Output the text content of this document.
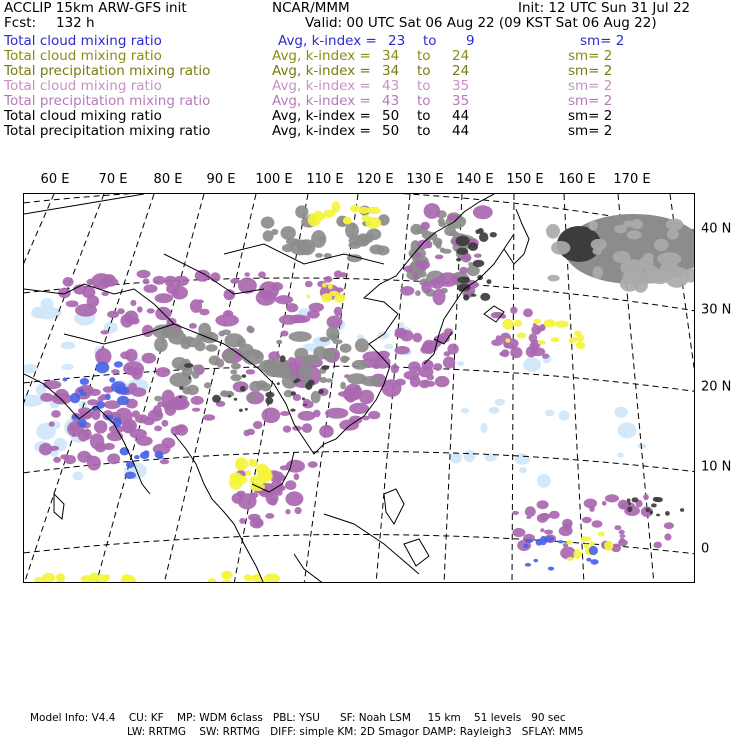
ACCLIP 15km ARW-GFS init	NCAR/MMM	Init: 12 UTC Sun 31 Jul 22
Fcst: 132 h	Valid: 00 UTC Sat 06 Aug 22 (09 KST Sat 06 Aug 22)
Total cloud mixing ratio	Avg, k-index = 23 to 9	sm= 2
Total cloud mixing ratio	Avg, k-index = 34 to 24	sm= 2
Total precipitation mixing ratio	Avg, k-index = 34 to 24	sm= 2
Total cloud mixing ratio	Avg, k-index = 43 to 35	sm= 2
Total precipitation mixing ratio	Avg, k-index = 43 to 35	sm= 2
Total cloud mixing ratio	Avg, k-index = 50 to 44	sm= 2
Total precipitation mixing ratio	Avg, k-index = 50 to 44	sm= 2
60 E 70 E 80 E 90 E 100 E 110 E 120 E 130 E 140 E 150 E 160 E 170 E
40 N
30 N
20 N
10 N
0
Model Info: V4.4    CU: KF    MP: WDM 6class   PBL: YSU      SF: Noah LSM     15 km    51 levels   90 sec
LW: RRTMG    SW: RRTMG   DIFF: simple KM: 2D Smagor DAMP: Rayleigh3   SFLAY: MM5
